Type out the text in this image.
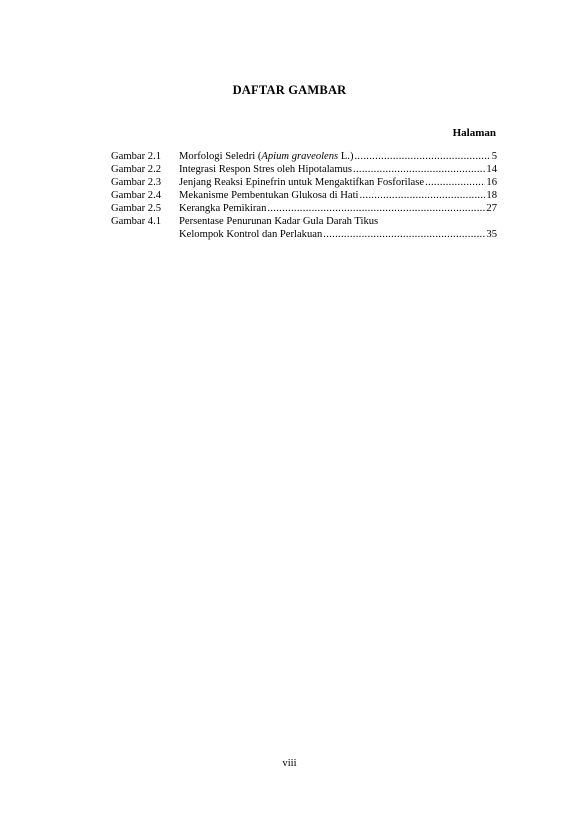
DAFTAR GAMBAR
Halaman
Gambar 2.1	Morfologi Seledri (Apium graveolens L.) .....	5
Gambar 2.2	Integrasi Respon Stres oleh Hipotalamus .....	14
Gambar 2.3	Jenjang Reaksi Epinefrin untuk Mengaktifkan Fosforilase .....	16
Gambar 2.4	Mekanisme Pembentukan Glukosa di Hati .....	18
Gambar 2.5	Kerangka Pemikiran .....	27
Gambar 4.1	Persentase Penurunan Kadar Gula Darah Tikus
Kelompok Kontrol dan Perlakuan .....	35
viii
